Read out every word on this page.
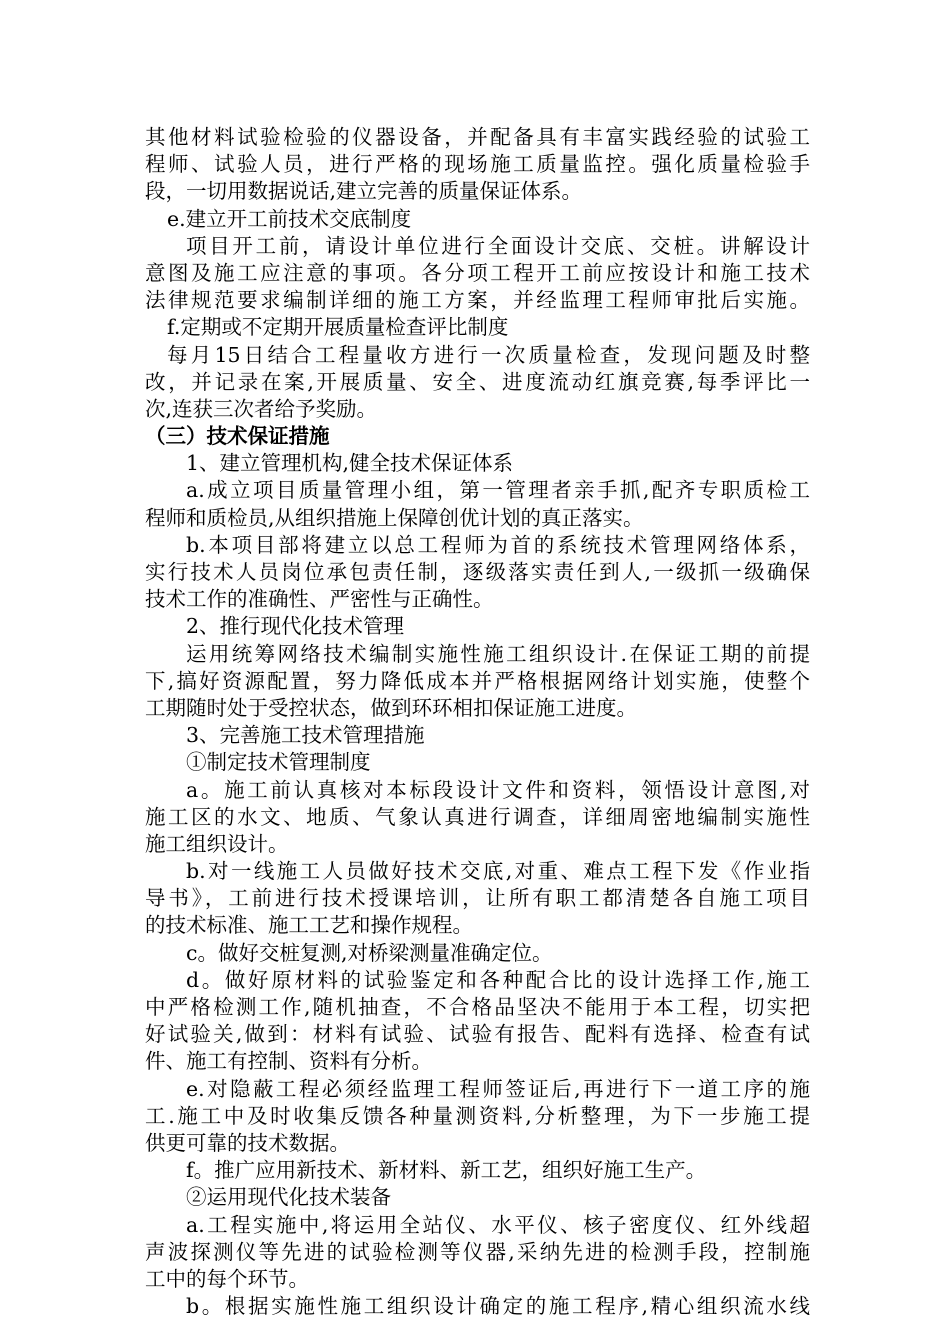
其他材料试验检验的仪器设备，并配备具有丰富实践经验的试验工
程师、试验人员，进行严格的现场施工质量监控。强化质量检验手
段，一切用数据说话,建立完善的质量保证体系。
e.建立开工前技术交底制度
项目开工前，请设计单位进行全面设计交底、交桩。讲解设计
意图及施工应注意的事项。各分项工程开工前应按设计和施工技术
法律规范要求编制详细的施工方案，并经监理工程师审批后实施。
f.定期或不定期开展质量检查评比制度
每月15日结合工程量收方进行一次质量检查，发现问题及时整
改，并记录在案,开展质量、安全、进度流动红旗竞赛,每季评比一
次,连获三次者给予奖励。
（三）技术保证措施
1、建立管理机构,健全技术保证体系
a.成立项目质量管理小组，第一管理者亲手抓,配齐专职质检工
程师和质检员,从组织措施上保障创优计划的真正落实。
b.本项目部将建立以总工程师为首的系统技术管理网络体系，
实行技术人员岗位承包责任制，逐级落实责任到人,一级抓一级确保
技术工作的准确性、严密性与正确性。
2、推行现代化技术管理
运用统筹网络技术编制实施性施工组织设计.在保证工期的前提
下,搞好资源配置，努力降低成本并严格根据网络计划实施，使整个
工期随时处于受控状态，做到环环相扣保证施工进度。
3、完善施工技术管理措施
①制定技术管理制度
a。施工前认真核对本标段设计文件和资料，领悟设计意图,对
施工区的水文、地质、气象认真进行调查，详细周密地编制实施性
施工组织设计。
b.对一线施工人员做好技术交底,对重、难点工程下发《作业指
导书》，工前进行技术授课培训，让所有职工都清楚各自施工项目
的技术标准、施工工艺和操作规程。
c。做好交桩复测,对桥梁测量准确定位。
d。做好原材料的试验鉴定和各种配合比的设计选择工作,施工
中严格检测工作,随机抽查，不合格品坚决不能用于本工程，切实把
好试验关,做到：材料有试验、试验有报告、配料有选择、检查有试
件、施工有控制、资料有分析。
e.对隐蔽工程必须经监理工程师签证后,再进行下一道工序的施
工.施工中及时收集反馈各种量测资料,分析整理，为下一步施工提
供更可靠的技术数据。
f。推广应用新技术、新材料、新工艺，组织好施工生产。
②运用现代化技术装备
a.工程实施中,将运用全站仪、水平仪、核子密度仪、红外线超
声波探测仪等先进的试验检测等仪器,采纳先进的检测手段，控制施
工中的每个环节。
b。根据实施性施工组织设计确定的施工程序,精心组织流水线
